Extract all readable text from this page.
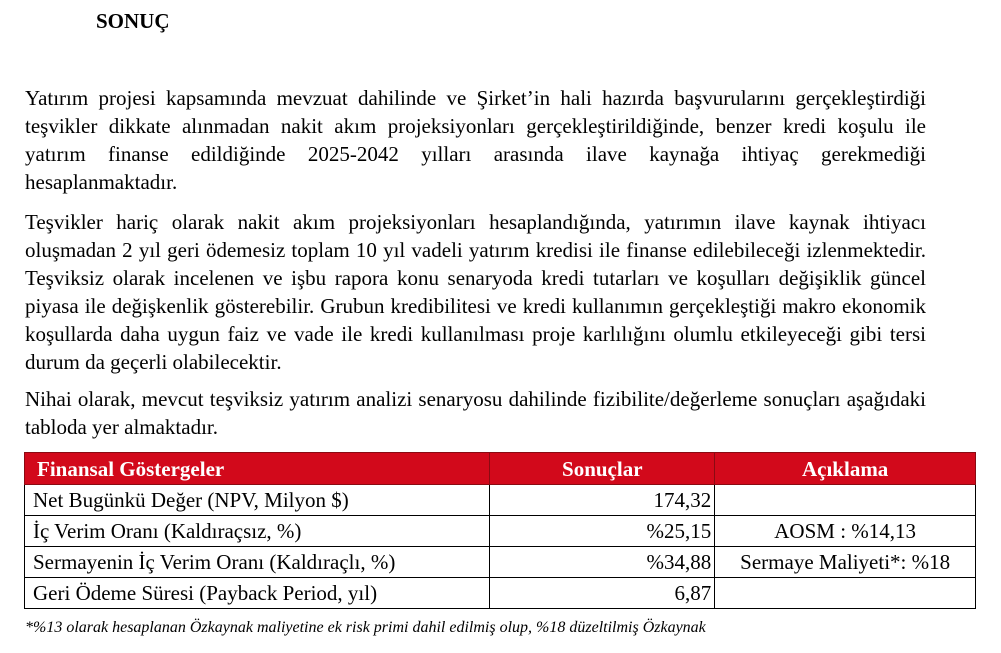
SONUÇ

Yatırım projesi kapsamında mevzuat dahilinde ve Şirket’in hali hazırda başvurularını gerçekleştirdiği teşvikler dikkate alınmadan nakit akım projeksiyonları gerçekleştirildiğinde, benzer kredi koşulu ile yatırım finanse edildiğinde 2025-2042 yılları arasında ilave kaynağa ihtiyaç gerekmediği hesaplanmaktadır.

Teşvikler hariç olarak nakit akım projeksiyonları hesaplandığında, yatırımın ilave kaynak ihtiyacı oluşmadan 2 yıl geri ödemesiz toplam 10 yıl vadeli yatırım kredisi ile finanse edilebileceği izlenmektedir. Teşviksiz olarak incelenen ve işbu rapora konu senaryoda kredi tutarları ve koşulları değişiklik güncel piyasa ile değişkenlik gösterebilir. Grubun kredibilitesi ve kredi kullanımın gerçekleştiği makro ekonomik koşullarda daha uygun faiz ve vade ile kredi kullanılması proje karlılığını olumlu etkileyeceği gibi tersi durum da geçerli olabilecektir.

Nihai olarak, mevcut teşviksiz yatırım analizi senaryosu dahilinde fizibilite/değerleme sonuçları aşağıdaki tabloda yer almaktadır.

Finansal Göstergeler	Sonuçlar	Açıklama
Net Bugünkü Değer (NPV, Milyon $)	174,32	
İç Verim Oranı (Kaldıraçsız, %)	%25,15	AOSM : %14,13
Sermayenin İç Verim Oranı (Kaldıraçlı, %)	%34,88	Sermaye Maliyeti*: %18
Geri Ödeme Süresi (Payback Period, yıl)	6,87	

*%13 olarak hesaplanan Özkaynak maliyetine ek risk primi dahil edilmiş olup, %18 düzeltilmiş Özkaynak
